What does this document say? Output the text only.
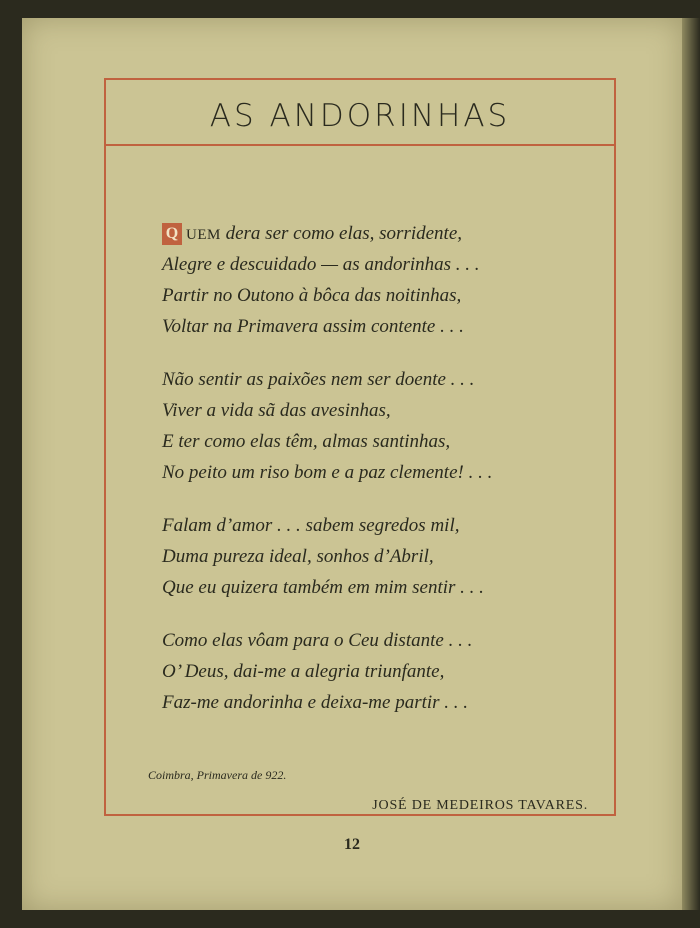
AS ANDORINHAS
Q UEM dera ser como elas, sorridente,
Alegre e descuidado — as andorinhas . . .
Partir no Outono à bôca das noitinhas,
Voltar na Primavera assim contente . . .
Não sentir as paixões nem ser doente . . .
Viver a vida sã das avesinhas,
E ter como elas têm, almas santinhas,
No peito um riso bom e a paz clemente! . . .
Falam d’amor . . . sabem segredos mil,
Duma pureza ideal, sonhos d’Abril,
Que eu quizera também em mim sentir . . .
Como elas vôam para o Ceu distante . . .
O’ Deus, dai-me a alegria triunfante,
Faz-me andorinha e deixa-me partir . . .
Coimbra, Primavera de 922.
JOSÉ DE MEDEIROS TAVARES.
12
